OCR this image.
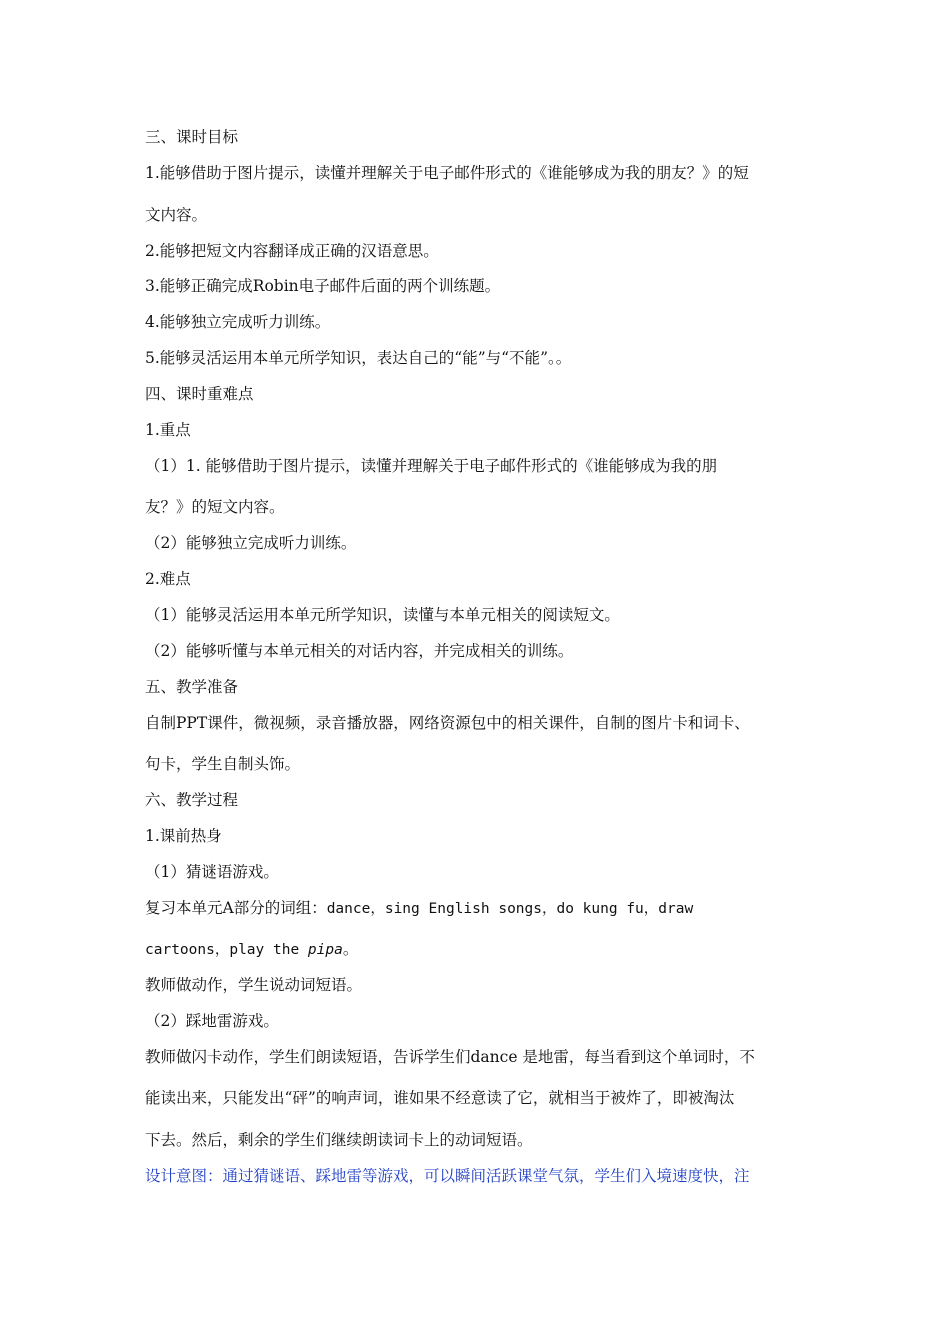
三、课时目标
1.能够借助于图片提示，读懂并理解关于电子邮件形式的《谁能够成为我的朋友？》的短
文内容。
2.能够把短文内容翻译成正确的汉语意思。
3.能够正确完成Robin电子邮件后面的两个训练题。
4.能够独立完成听力训练。
5.能够灵活运用本单元所学知识，表达自己的“能”与“不能”。。
四、课时重难点
1.重点
（1）1. 能够借助于图片提示，读懂并理解关于电子邮件形式的《谁能够成为我的朋
友？》的短文内容。
（2）能够独立完成听力训练。
2.难点
（1）能够灵活运用本单元所学知识，读懂与本单元相关的阅读短文。
（2）能够听懂与本单元相关的对话内容，并完成相关的训练。
五、教学准备
自制PPT课件，微视频，录音播放器，网络资源包中的相关课件，自制的图片卡和词卡、
句卡，学生自制头饰。
六、教学过程
1.课前热身
（1）猜谜语游戏。
复习本单元A部分的词组：dance，sing English songs，do kung fu，draw
cartoons，play the pipa。
教师做动作，学生说动词短语。
（2）踩地雷游戏。
教师做闪卡动作，学生们朗读短语，告诉学生们dance 是地雷，每当看到这个单词时，不
能读出来，只能发出“砰”的响声词，谁如果不经意读了它，就相当于被炸了，即被淘汰
下去。然后，剩余的学生们继续朗读词卡上的动词短语。
设计意图：通过猜谜语、踩地雷等游戏，可以瞬间活跃课堂气氛，学生们入境速度快，注
